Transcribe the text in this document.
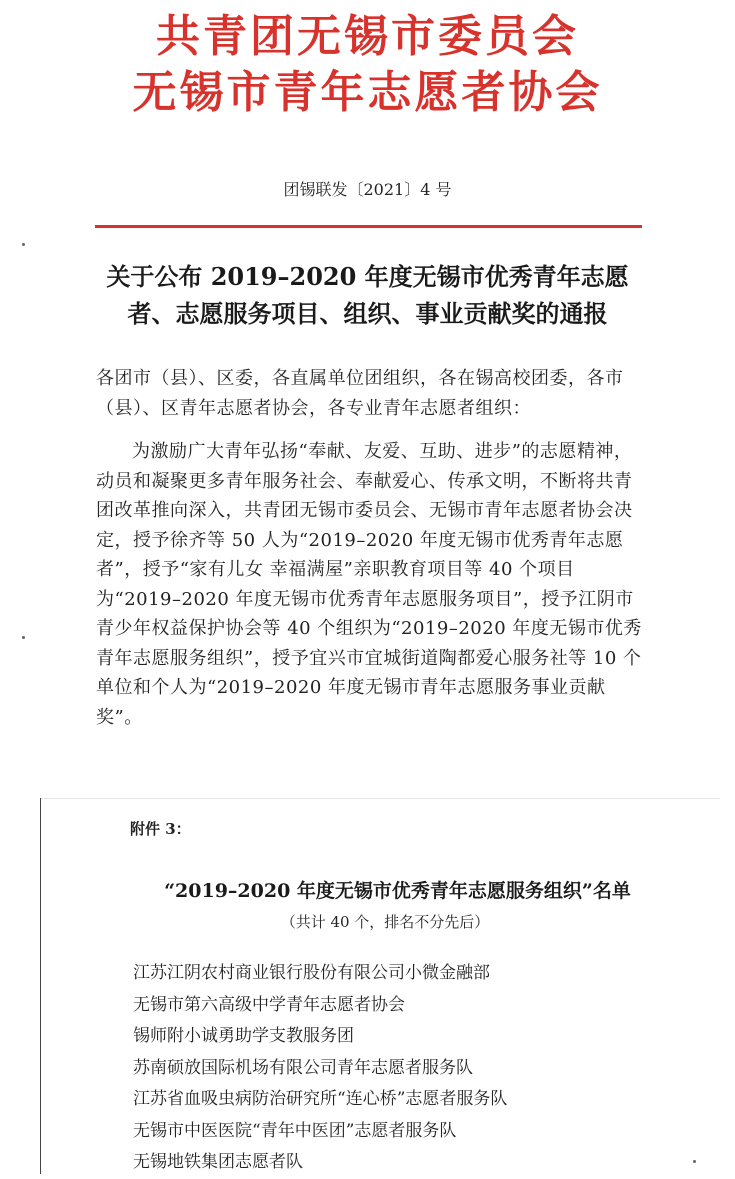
共青团无锡市委员会
无锡市青年志愿者协会
团锡联发〔2021〕4 号
关于公布 2019–2020 年度无锡市优秀青年志愿
者、志愿服务项目、组织、事业贡献奖的通报
各团市（县）、区委，各直属单位团组织，各在锡高校团委，各市（县）、区青年志愿者协会，各专业青年志愿者组织：
为激励广大青年弘扬“奉献、友爱、互助、进步”的志愿精神，动员和凝聚更多青年服务社会、奉献爱心、传承文明，不断将共青团改革推向深入，共青团无锡市委员会、无锡市青年志愿者协会决定，授予徐齐等 50 人为“2019–2020 年度无锡市优秀青年志愿者”，授予“家有儿女 幸福满屋”亲职教育项目等 40 个项目为“2019–2020 年度无锡市优秀青年志愿服务项目”，授予江阴市青少年权益保护协会等 40 个组织为“2019–2020 年度无锡市优秀青年志愿服务组织”，授予宜兴市宜城街道陶都爱心服务社等 10 个单位和个人为“2019–2020 年度无锡市青年志愿服务事业贡献奖”。
附件 3：
“2019–2020 年度无锡市优秀青年志愿服务组织”名单
（共计 40 个，排名不分先后）
江苏江阴农村商业银行股份有限公司小微金融部
无锡市第六高级中学青年志愿者协会
锡师附小诚勇助学支教服务团
苏南硕放国际机场有限公司青年志愿者服务队
江苏省血吸虫病防治研究所“连心桥”志愿者服务队
无锡市中医医院“青年中医团”志愿者服务队
无锡地铁集团志愿者队
